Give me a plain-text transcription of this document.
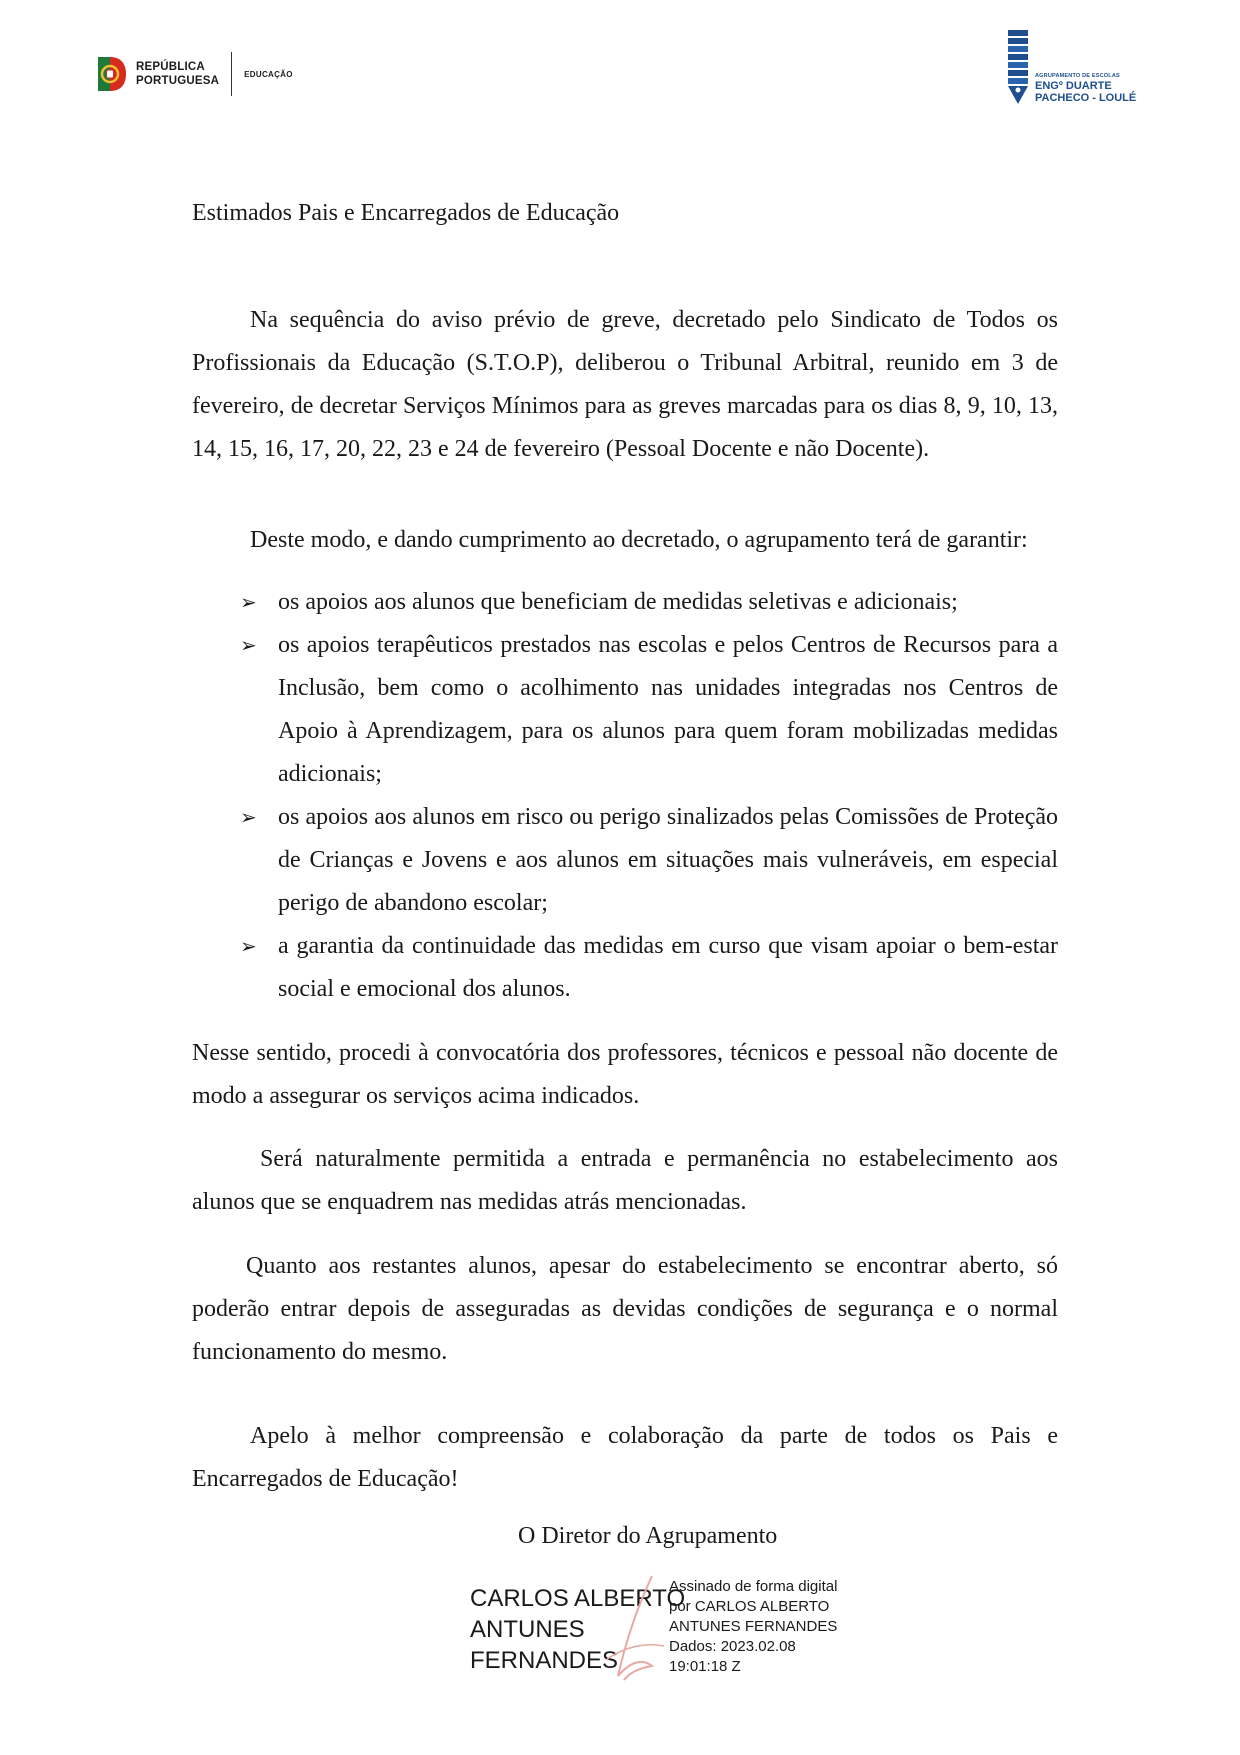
REPÚBLICA
PORTUGUESA
EDUCAÇÃO	AGRUPAMENTO DE ESCOLAS
ENGº DUARTE
PACHECO - LOULÉ
Estimados Pais e Encarregados de Educação
Na sequência do aviso prévio de greve, decretado pelo Sindicato de Todos os Profissionais da Educação (S.T.O.P), deliberou o Tribunal Arbitral, reunido em 3 de fevereiro, de decretar Serviços Mínimos para as greves marcadas para os dias 8, 9, 10, 13, 14, 15, 16, 17, 20, 22, 23 e 24 de fevereiro (Pessoal Docente e não Docente).
Deste modo, e dando cumprimento ao decretado, o agrupamento terá de garantir:
➢ os apoios aos alunos que beneficiam de medidas seletivas e adicionais;
➢ os apoios terapêuticos prestados nas escolas e pelos Centros de Recursos para a Inclusão, bem como o acolhimento nas unidades integradas nos Centros de Apoio à Aprendizagem, para os alunos para quem foram mobilizadas medidas adicionais;
➢ os apoios aos alunos em risco ou perigo sinalizados pelas Comissões de Proteção de Crianças e Jovens e aos alunos em situações mais vulneráveis, em especial perigo de abandono escolar;
➢ a garantia da continuidade das medidas em curso que visam apoiar o bem-estar social e emocional dos alunos.
Nesse sentido, procedi à convocatória dos professores, técnicos e pessoal não docente de modo a assegurar os serviços acima indicados.
Será naturalmente permitida a entrada e permanência no estabelecimento aos alunos que se enquadrem nas medidas atrás mencionadas.
Quanto aos restantes alunos, apesar do estabelecimento se encontrar aberto, só poderão entrar depois de asseguradas as devidas condições de segurança e o normal funcionamento do mesmo.
Apelo à melhor compreensão e colaboração da parte de todos os Pais e Encarregados de Educação!
O Diretor do Agrupamento
CARLOS ALBERTO
ANTUNES
FERNANDES
Assinado de forma digital
por CARLOS ALBERTO
ANTUNES FERNANDES
Dados: 2023.02.08
19:01:18 Z
